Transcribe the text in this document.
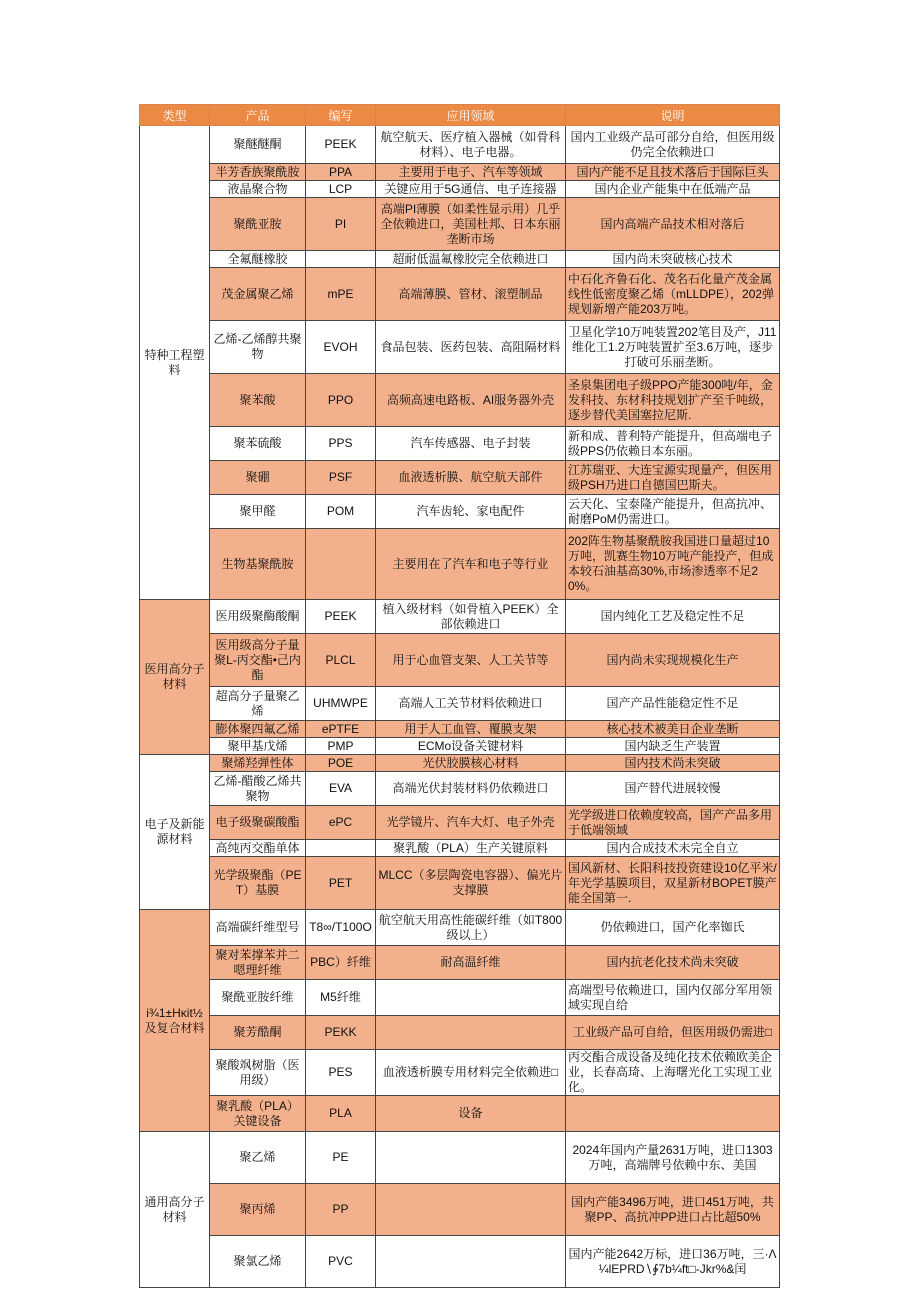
类型	产品	编写	应用领域	说明
特种工程塑料	聚醚醚酮	PEEK	航空航天、医疗植入器械（如骨科材料）、电子电器。	国内工业级产品可部分自给，但医用级仍完全依赖进口
	半芳香族聚酰胺	PPA	主要用于电子、汽车等领域	国内产能不足且技术落后于国际巨头
	液晶聚合物	LCP	关键应用于5G通信、电子连接器	国内企业产能集中在低端产品
	聚酰亚胺	PI	高端PI薄膜（如柔性显示用）几乎全依赖进口，美国杜邦、日本东丽垄断市场	国内高端产品技术相对落后
	全氟醚橡胶		超耐低温氟橡胶完全依赖进口	国内尚未突破核心技术
	茂金属聚乙烯	mPE	高端薄膜、管材、滚塑制品	中石化齐鲁石化、茂名石化量产茂金属线性低密度聚乙烯（mLLDPE），202弹规划新增产能203万吨。
	乙烯-乙烯醇共聚物	EVOH	食品包装、医药包装、高阻隔材料	卫星化学10万吨装置202笔目及产，J11维化工1.2万吨装置扩至3.6万吨，逐步打破可乐丽垄断。
	聚苯酸	PPO	高频高速电路板、AI服务器外壳	圣泉集团电子级PPO产能300吨/年，金发科技、东材科技规划扩产至千吨级，逐步替代美国塞拉尼斯.
	聚苯硫酸	PPS	汽车传感器、电子封装	新和成、普利特产能提升，但高端电子级PPS仍依赖日本东丽。
	聚硼	PSF	血液透析膜、航空航天部件	江苏瑞亚、大连宝源实现量产，但医用级PSH乃进口自德国巴斯夫。
	聚甲醛	POM	汽车齿轮、家电配件	云天化、宝泰隆产能提升，但高抗冲、耐磨PoM仍需进口。
	生物基聚酰胺		主要用在了汽车和电子等行业	202阵生物基聚酰胺我国进口量超过10万吨，凯赛生物10万吨产能投产，但成本较石油基高30%,市场渗透率不足20%。
医用高分子材料	医用级聚酶酸酮	PEEK	植入级材料（如骨植入PEEK）全部依赖进口	国内纯化工艺及稳定性不足
	医用级高分子量聚L-丙交酯•己内酯	PLCL	用于心血管支架、人工关节等	国内尚未实现规模化生产
	超高分子量聚乙烯	UHMWPE	高端人工关节材料依赖进口	国产产品性能稳定性不足
	膨体聚四氟乙烯	ePTFE	用于人工血管、覆膜支架	核心技术被美日企业垄断
	聚甲基戊烯	PMP	ECMo设备关键材料	国内缺乏生产装置
电子及新能源材料	聚烯羟弹性体	POE	光伏胶膜核心材料	国内技术尚未突破
	乙烯-醋酸乙烯共聚物	EVA	高端光伏封装材料仍依赖进口	国产替代进展较慢
	电子级聚碳酸酯	ePC	光学镜片、汽车大灯、电子外壳	光学级进口依赖度较高，国产产品多用于低端领域
	高纯丙交酯单体		聚乳酸（PLA）生产关键原料	国内合成技术未完全自立
	光学级聚酯（PET）基膜	PET	MLCC（多层陶瓷电容器）、偏光片支撑膜	国风新材、长阳科技投资建设10亿平米/年光学基膜项目，双星新材BOPET膜产能全国第一.
i¾1±Hκit½及复合材料	高端碳纤维型号	T8∞/T100O	航空航天用高性能碳纤维（如T800级以上）	仍依赖进口，国产化率铷氏
	聚对苯撑苯并二嗯理纤维	PBC）纤维	耐高温纤维	国内抗老化技术尚未突破
	聚酰亚胺纤维	M5纤维		高端型号依赖进口，国内仅部分军用领域实现自给
	聚芳酷酮	PEKK		工业级产品可自给，但医用级仍需进□
	聚酸飒树脂（医用级）	PES	血液透析膜专用材料完全依赖进□	丙交酯合成设备及纯化技术依赖欧美企业，长春高琦、上海曙光化工实现工业化。
	聚乳酸（PLA）关键设备	PLA	设备	
通用高分子材料	聚乙烯	PE		2024年国内产量2631万吨，进口1303万吨，高端牌号依赖中东、美国
	聚丙烯	PP		国内产能3496万吨，进口451万吨，共聚PP、高抗冲PP进口占比超50%
	聚氯乙烯	PVC		国内产能2642万标，进口36万吨，三·Λ¼lEPRD∖∲7b¼ft□-Jkr%&闰
